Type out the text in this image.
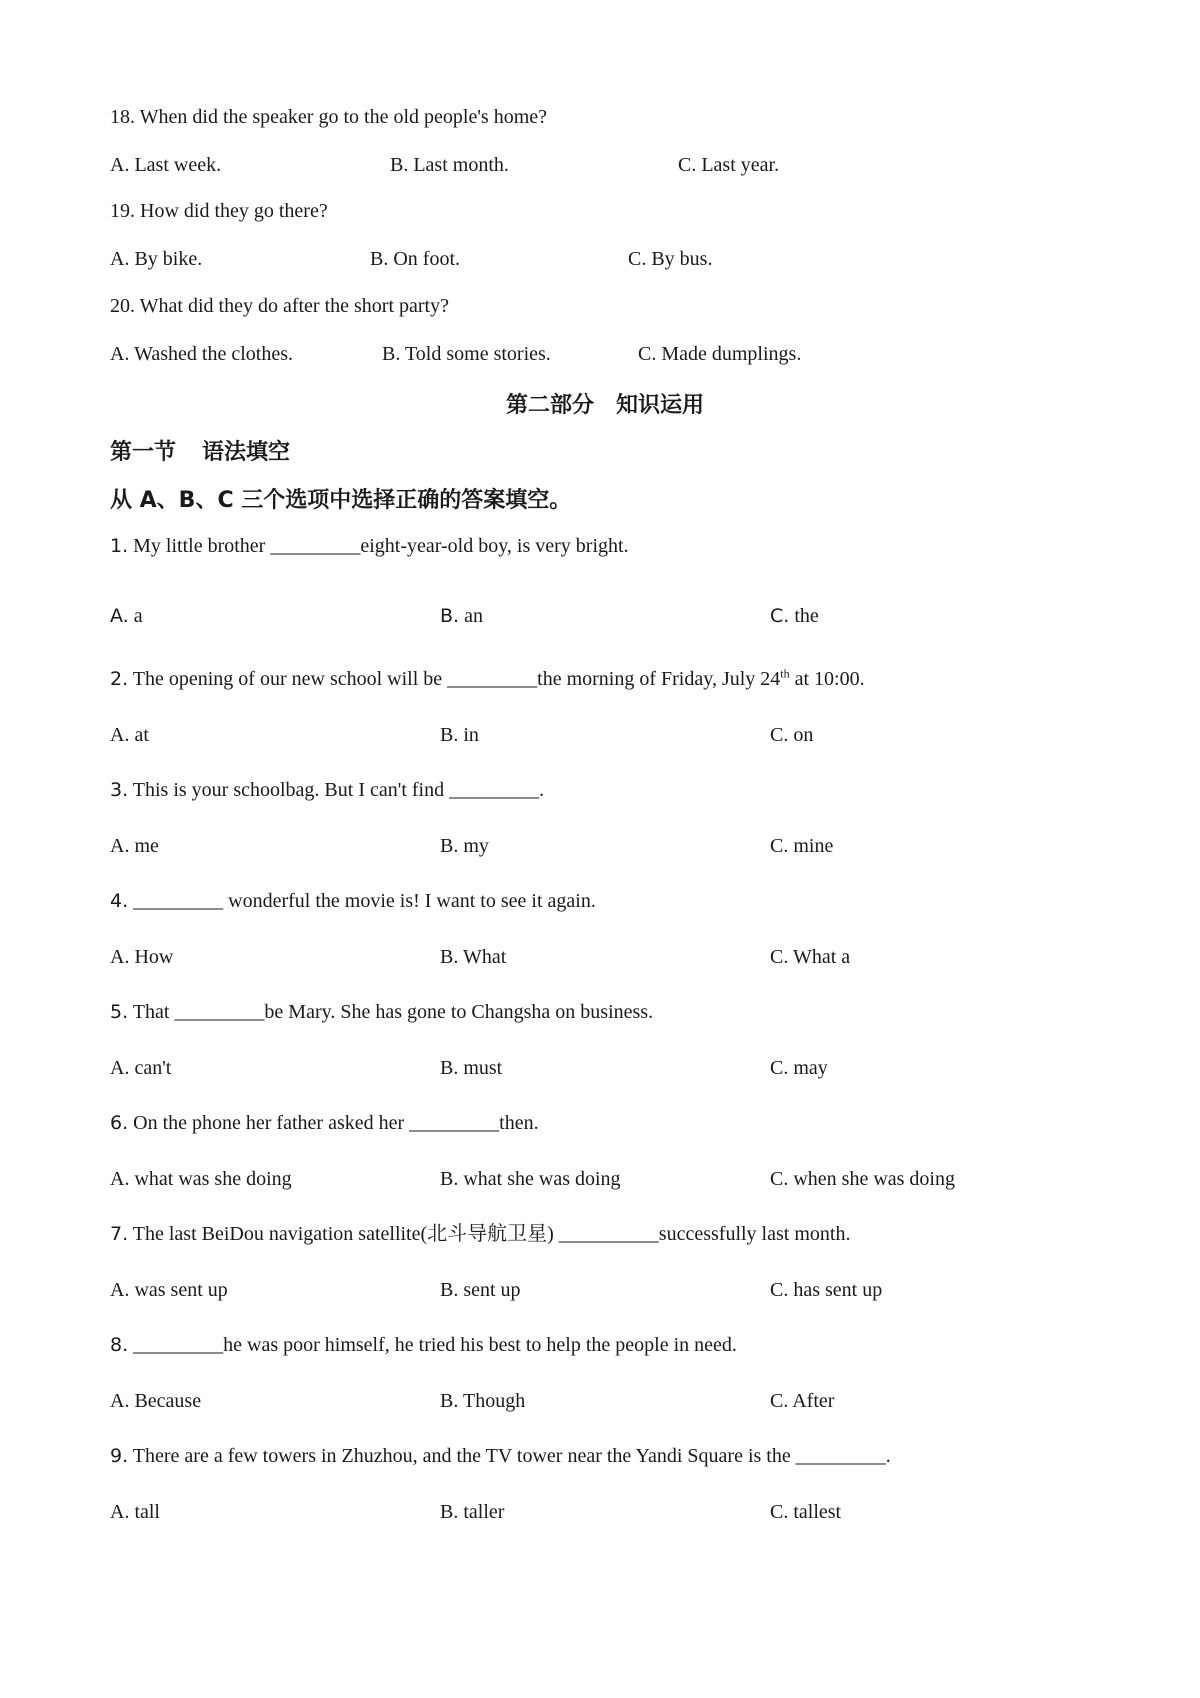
18. When did the speaker go to the old people's home?
A. Last week.	B. Last month.	C. Last year.
19. How did they go there?
A. By bike.	B. On foot.	C. By bus.
20. What did they do after the short party?
A. Washed the clothes.	B. Told some stories.	C. Made dumplings.
第二部分　知识运用
第一节 语法填空
从 A、B、C 三个选项中选择正确的答案填空。
1. My little brother _________eight-year-old boy, is very bright.
A. a	B. an	C. the
2. The opening of our new school will be _________the morning of Friday, July 24th at 10:00.
A. at	B. in	C. on
3. This is your schoolbag. But I can't find _________.
A. me	B. my	C. mine
4. _________ wonderful the movie is! I want to see it again.
A. How	B. What	C. What a
5. That _________be Mary. She has gone to Changsha on business.
A. can't	B. must	C. may
6. On the phone her father asked her _________then.
A. what was she doing	B. what she was doing	C. when she was doing
7. The last BeiDou navigation satellite(北斗导航卫星) __________successfully last month.
A. was sent up	B. sent up	C. has sent up
8. _________he was poor himself, he tried his best to help the people in need.
A. Because	B. Though	C. After
9. There are a few towers in Zhuzhou, and the TV tower near the Yandi Square is the _________.
A. tall	B. taller	C. tallest
